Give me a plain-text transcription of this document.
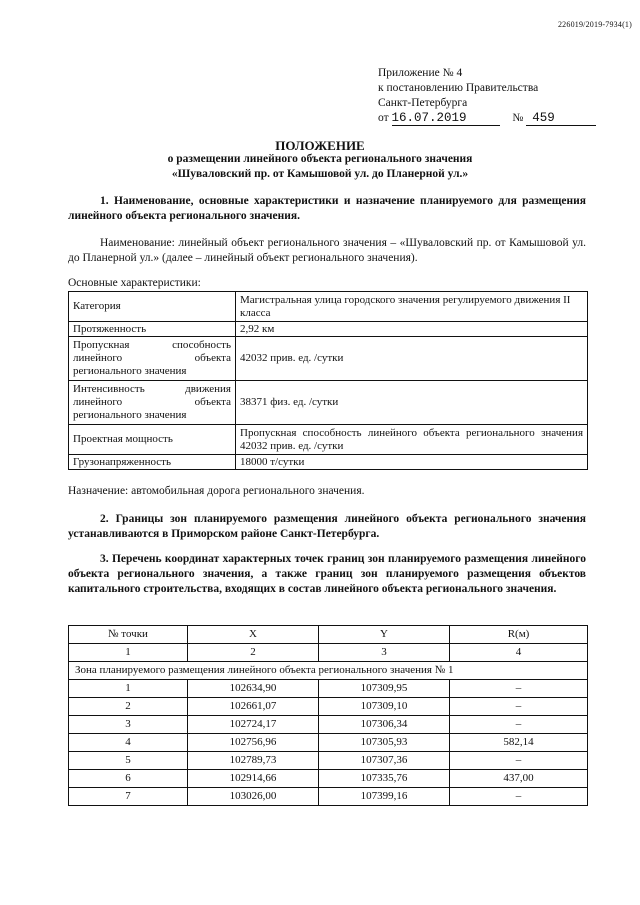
226019/2019-7934(1)
Приложение № 4
к постановлению Правительства
Санкт-Петербурга
от 16.07.2019	№ 459
ПОЛОЖЕНИЕ
о размещении линейного объекта регионального значения
«Шуваловский пр. от Камышовой ул. до Планерной ул.»
1. Наименование, основные характеристики и назначение планируемого для размещения линейного объекта регионального значения.
Наименование: линейный объект регионального значения – «Шуваловский пр. от Камышовой ул. до Планерной ул.» (далее – линейный объект регионального значения).
Основные характеристики:
Категория	Магистральная улица городского значения регулируемого движения II класса
Протяженность	2,92 км
Пропускная способность линейного объекта регионального значения	42032 прив. ед. /сутки
Интенсивность движения линейного объекта регионального значения	38371 физ. ед. /сутки
Проектная мощность	Пропускная способность линейного объекта регионального значения 42032 прив. ед. /сутки
Грузонапряженность	18000 т/сутки
Назначение: автомобильная дорога регионального значения.
2. Границы зон планируемого размещения линейного объекта регионального значения устанавливаются в Приморском районе Санкт-Петербурга.
3. Перечень координат характерных точек границ зон планируемого размещения линейного объекта регионального значения, а также границ зон планируемого размещения объектов капитального строительства, входящих в состав линейного объекта регионального значения.
№ точки	X	Y	R(м)
1	2	3	4
Зона планируемого размещения линейного объекта регионального значения № 1			
1	102634,90	107309,95	–
2	102661,07	107309,10	–
3	102724,17	107306,34	–
4	102756,96	107305,93	582,14
5	102789,73	107307,36	–
6	102914,66	107335,76	437,00
7	103026,00	107399,16	–
